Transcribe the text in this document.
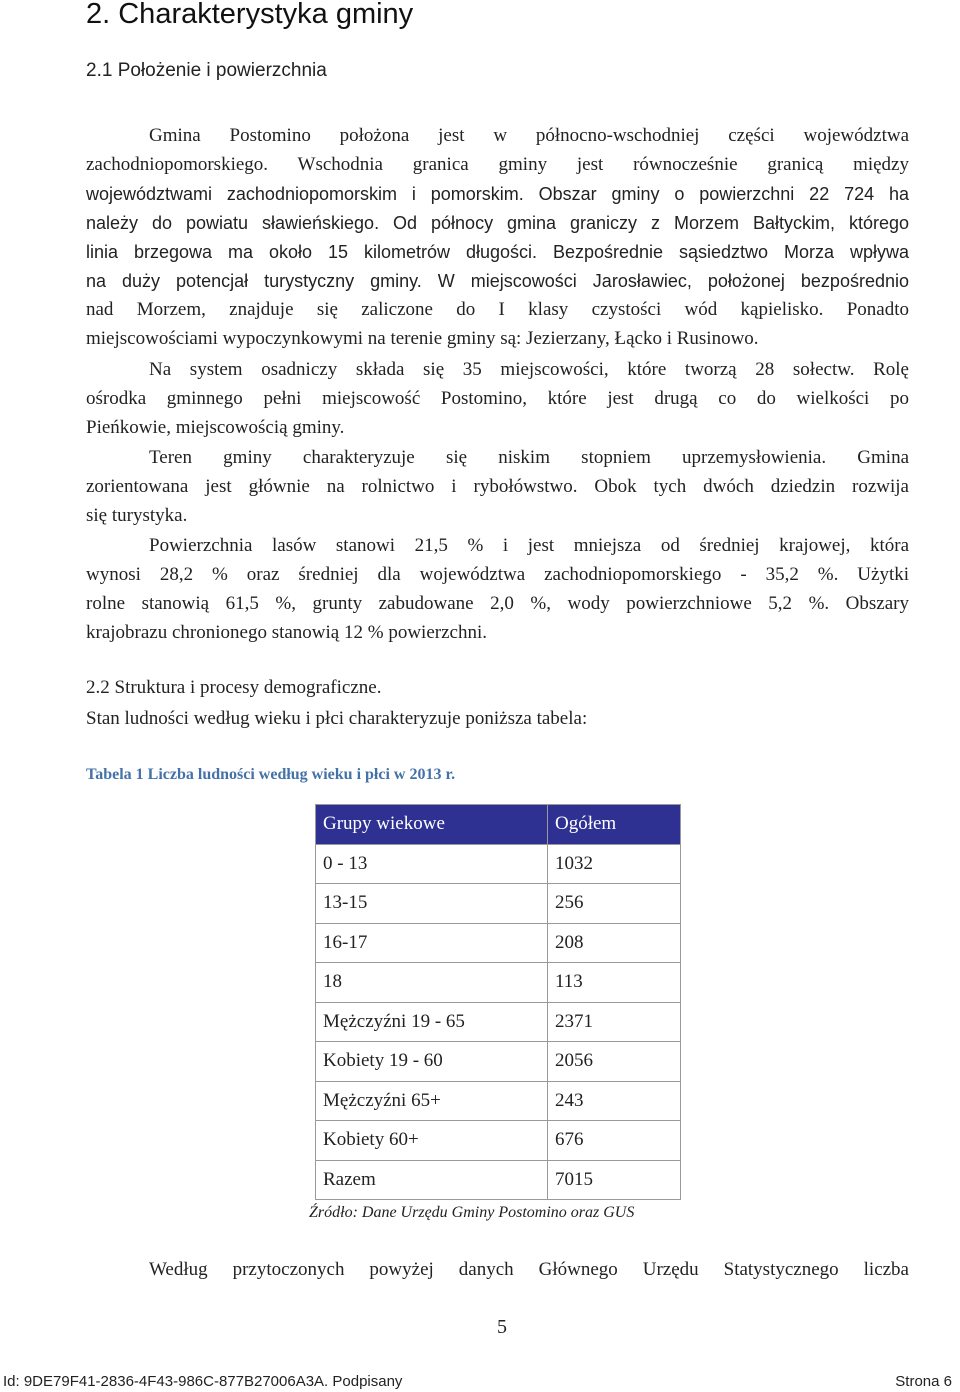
2. Charakterystyka gminy
2.1 Położenie i powierzchnia
Gmina Postomino położona jest w północno-wschodniej części województwa
zachodniopomorskiego. Wschodnia granica gminy jest równocześnie granicą między
województwami zachodniopomorskim i pomorskim. Obszar gminy o powierzchni 22 724 ha
należy do powiatu sławieńskiego. Od północy gmina graniczy z Morzem Bałtyckim, którego
linia brzegowa ma około 15 kilometrów długości. Bezpośrednie sąsiedztwo Morza wpływa
na duży potencjał turystyczny gminy. W miejscowości Jarosławiec, położonej bezpośrednio
nad Morzem, znajduje się zaliczone do I klasy czystości wód kąpielisko. Ponadto
miejscowościami wypoczynkowymi na terenie gminy są: Jezierzany, Łącko i Rusinowo.
Na system osadniczy składa się 35 miejscowości, które tworzą 28 sołectw. Rolę
ośrodka gminnego pełni miejscowość Postomino, które jest drugą co do wielkości po
Pieńkowie, miejscowością gminy.
Teren gminy charakteryzuje się niskim stopniem uprzemysłowienia. Gmina
zorientowana jest głównie na rolnictwo i rybołówstwo. Obok tych dwóch dziedzin rozwija
się turystyka.
Powierzchnia lasów stanowi 21,5 % i jest mniejsza od średniej krajowej, która
wynosi 28,2 % oraz średniej dla województwa zachodniopomorskiego - 35,2 %. Użytki
rolne stanowią 61,5 %, grunty zabudowane 2,0 %, wody powierzchniowe 5,2 %. Obszary
krajobrazu chronionego stanowią 12 % powierzchni.
2.2 Struktura i procesy demograficzne.
Stan ludności według wieku i płci charakteryzuje poniższa tabela:
Tabela 1 Liczba ludności według wieku i płci w 2013 r.
Grupy wiekowe	Ogółem
0 - 13	1032
13-15	256
16-17	208
18	113
Mężczyźni 19 - 65	2371
Kobiety 19 - 60	2056
Mężczyźni 65+	243
Kobiety 60+	676
Razem	7015
Źródło: Dane Urzędu Gminy Postomino oraz GUS
Według przytoczonych powyżej danych Głównego Urzędu Statystycznego liczba
5
Id: 9DE79F41-2836-4F43-986C-877B27006A3A. Podpisany	Strona 6
